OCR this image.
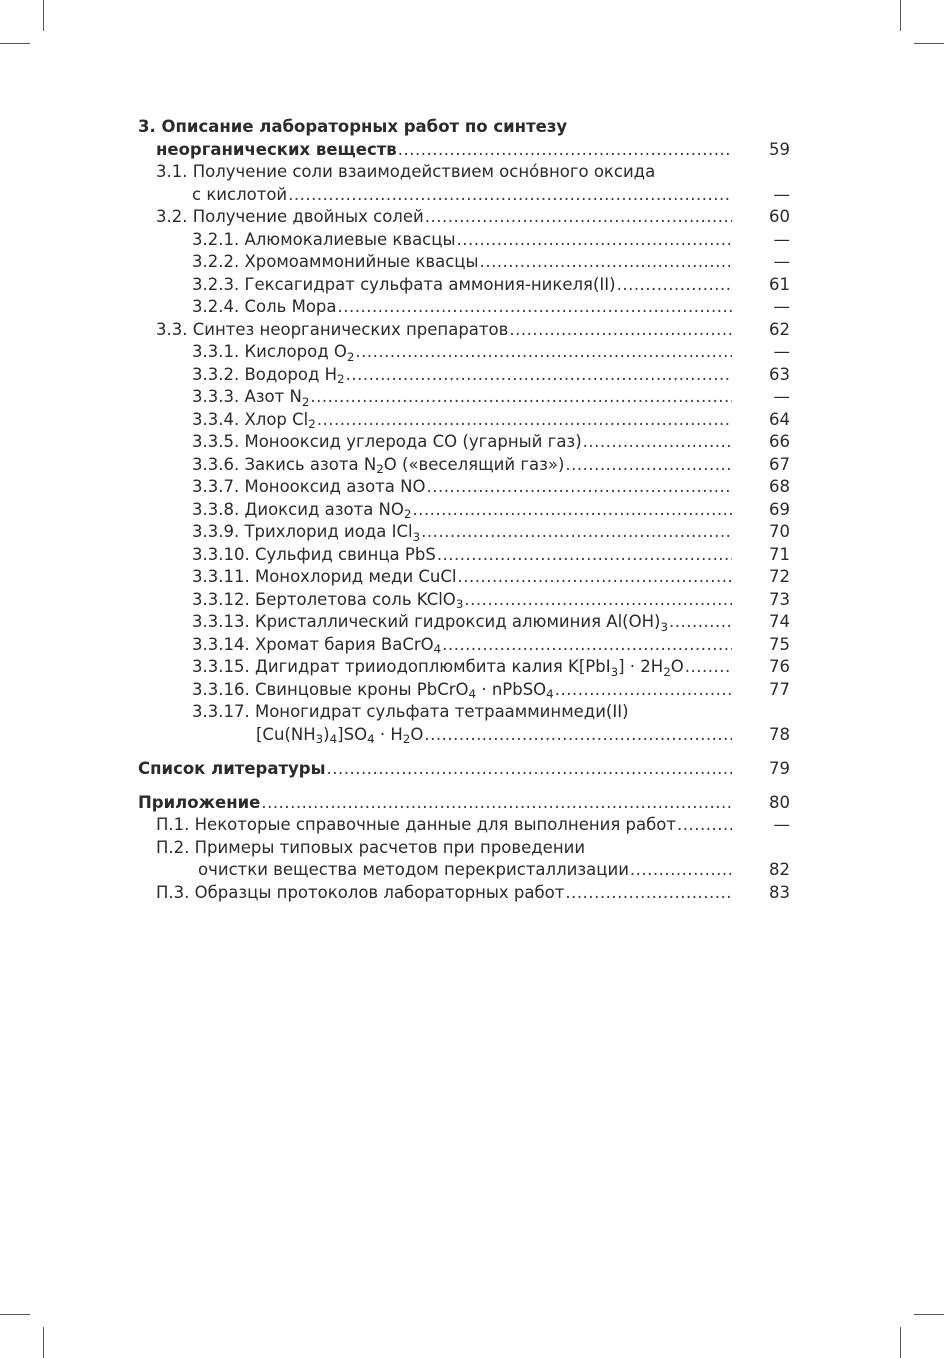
3. Описание лабораторных работ по синтезу
неорганических веществ .....	59
3.1. Получение соли взаимодействием осно́вного оксида
с кислотой .....	—
3.2. Получение двойных солей .....	60
3.2.1. Алюмокалиевые квасцы .....	—
3.2.2. Хромоаммонийные квасцы .....	—
3.2.3. Гексагидрат сульфата аммония-никеля(II) .....	61
3.2.4. Соль Мора .....	—
3.3. Синтез неорганических препаратов .....	62
3.3.1. Кислород $O_2$ .....	—
3.3.2. Водород $H_2$ .....	63
3.3.3. Азот $N_2$ .....	—
3.3.4. Хлор $Cl_2$ .....	64
3.3.5. Монооксид углерода CO (угарный газ) .....	66
3.3.6. Закись азота $N_2O$ («веселящий газ») .....	67
3.3.7. Монооксид азота NO .....	68
3.3.8. Диоксид азота $NO_2$ .....	69
3.3.9. Трихлорид иода ICl$_3$ .....	70
3.3.10. Сульфид свинца PbS .....	71
3.3.11. Монохлорид меди CuCl .....	72
3.3.12. Бертолетова соль KClO$_3$ .....	73
3.3.13. Кристаллический гидроксид алюминия $Al(OH)_3$ .....	74
3.3.14. Хромат бария BaCrO$_4$ .....	75
3.3.15. Дигидрат трииодоплюмбита калия $K[PbI_3] \cdot 2H_2O$ .....	76
3.3.16. Свинцовые кроны PbCrO$_4$ · nPbSO$_4$ .....	77
3.3.17. Моногидрат сульфата тетраамминмеди(II)
$[Cu(NH_3)_4]SO_4 \cdot H_2O$ .....	78
Список литературы .....	79
Приложение .....	80
П.1. Некоторые справочные данные для выполнения работ .....	—
П.2. Примеры типовых расчетов при проведении
очистки вещества методом перекристаллизации .....	82
П.3. Образцы протоколов лабораторных работ .....	83
